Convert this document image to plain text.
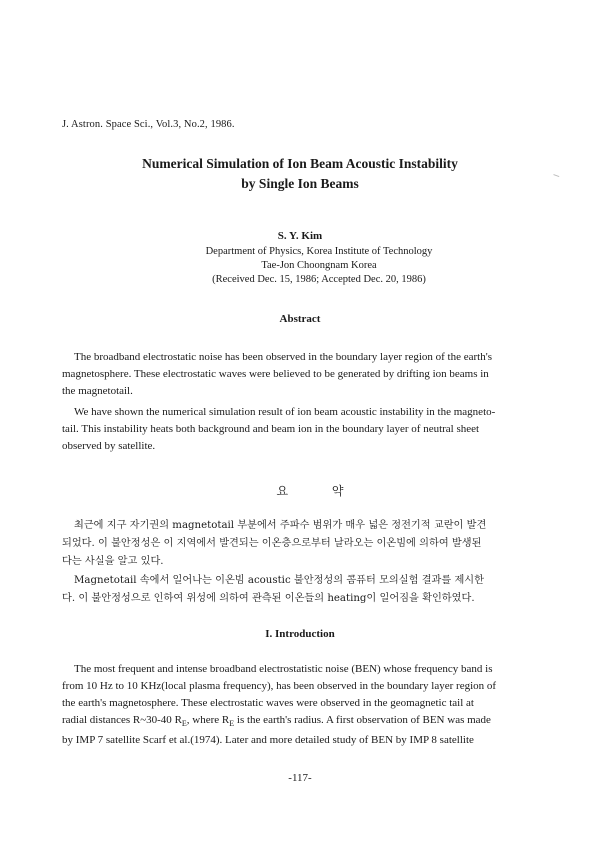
J. Astron. Space Sci., Vol.3, No.2, 1986.
Numerical Simulation of Ion Beam Acoustic Instability
by Single Ion Beams
S. Y. Kim
Department of Physics, Korea Institute of Technology
Tae-Jon Choongnam Korea
(Received Dec. 15, 1986; Accepted Dec. 20, 1986)
Abstract
The broadband electrostatic noise has been observed in the boundary layer region of the earth's
magnetosphere. These electrostatic waves were believed to be generated by drifting ion beams in
the magnetotail.
We have shown the numerical simulation result of ion beam acoustic instability in the magneto-
tail. This instability heats both background and beam ion in the boundary layer of neutral sheet
observed by satellite.
요 약
최근에 지구 자기권의 magnetotail 부분에서 주파수 범위가 매우 넓은 정전기적 교란이 발견
되었다. 이 불안정성은 이 지역에서 발견되는 이온층으로부터 날라오는 이온빔에 의하여 발생된
다는 사실을 알고 있다.
Magnetotail 속에서 일어나는 이온빔 acoustic 불안정성의 콤퓨터 모의실험 결과를 제시한
다. 이 불안정성으로 인하여 위성에 의하여 관측된 이온들의 heating이 일어짐을 확인하였다.
I. Introduction
The most frequent and intense broadband electrostatistic noise (BEN) whose frequency band is
from 10 Hz to 10 KHz(local plasma frequency), has been observed in the boundary layer region of
the earth's magnetosphere. These electrostatic waves were observed in the geomagnetic tail at
radial distances R~30-40 $R_E$, where $R_E$ is the earth's radius. A first observation of BEN was made
by IMP 7 satellite Scarf et al.(1974). Later and more detailed study of BEN by IMP 8 satellite
-117-
